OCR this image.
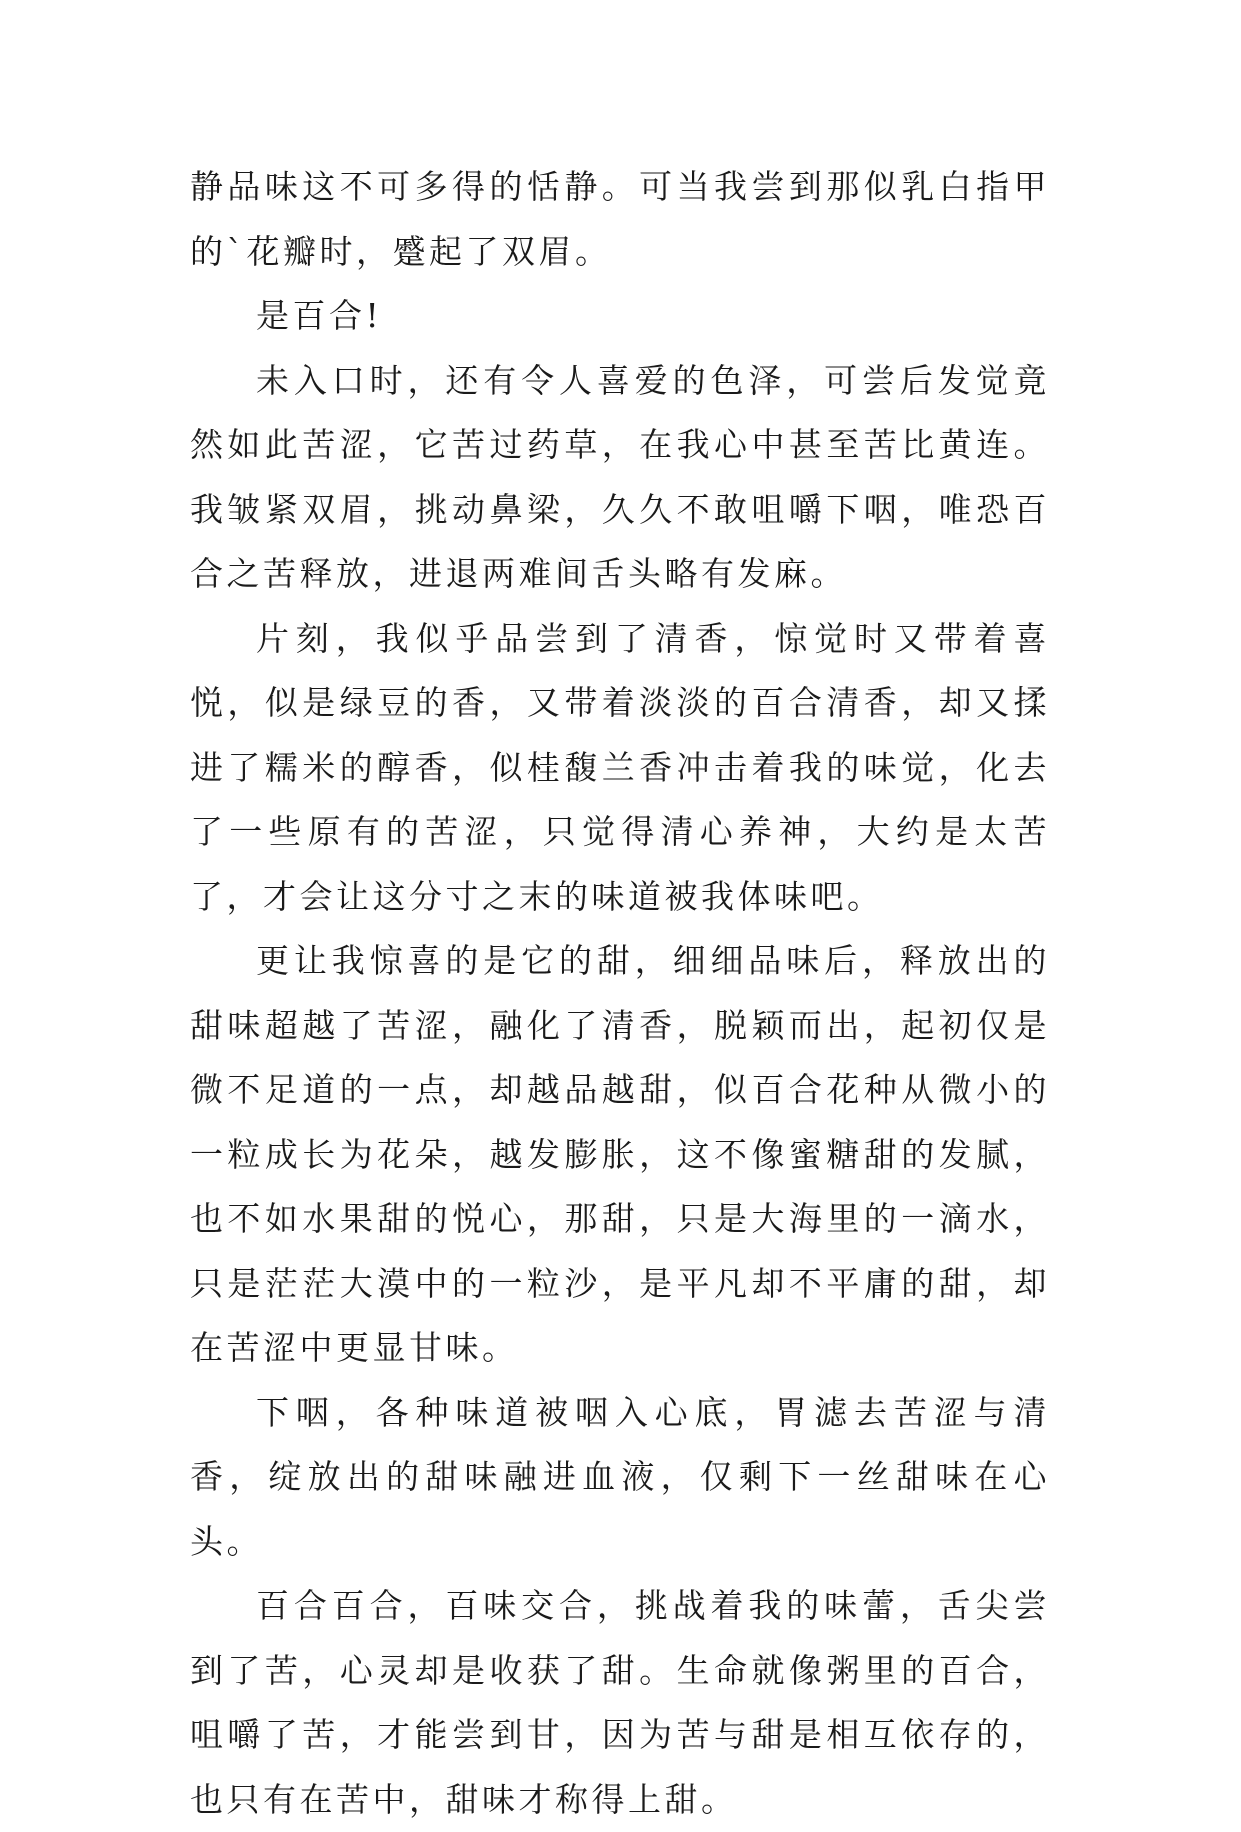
静品味这不可多得的恬静。可当我尝到那似乳白指甲的`花瓣时，蹙起了双眉。

是百合!

未入口时，还有令人喜爱的色泽，可尝后发觉竟然如此苦涩，它苦过药草，在我心中甚至苦比黄连。我皱紧双眉，挑动鼻梁，久久不敢咀嚼下咽，唯恐百合之苦释放，进退两难间舌头略有发麻。

片刻，我似乎品尝到了清香，惊觉时又带着喜悦，似是绿豆的香，又带着淡淡的百合清香，却又揉进了糯米的醇香，似桂馥兰香冲击着我的味觉，化去了一些原有的苦涩，只觉得清心养神，大约是太苦了，才会让这分寸之末的味道被我体味吧。

更让我惊喜的是它的甜，细细品味后，释放出的甜味超越了苦涩，融化了清香，脱颖而出，起初仅是微不足道的一点，却越品越甜，似百合花种从微小的一粒成长为花朵，越发膨胀，这不像蜜糖甜的发腻，也不如水果甜的悦心，那甜，只是大海里的一滴水，只是茫茫大漠中的一粒沙，是平凡却不平庸的甜，却在苦涩中更显甘味。

下咽，各种味道被咽入心底，胃滤去苦涩与清香，绽放出的甜味融进血液，仅剩下一丝甜味在心头。

百合百合，百味交合，挑战着我的味蕾，舌尖尝到了苦，心灵却是收获了甜。生命就像粥里的百合，咀嚼了苦，才能尝到甘，因为苦与甜是相互依存的，也只有在苦中，甜味才称得上甜。
